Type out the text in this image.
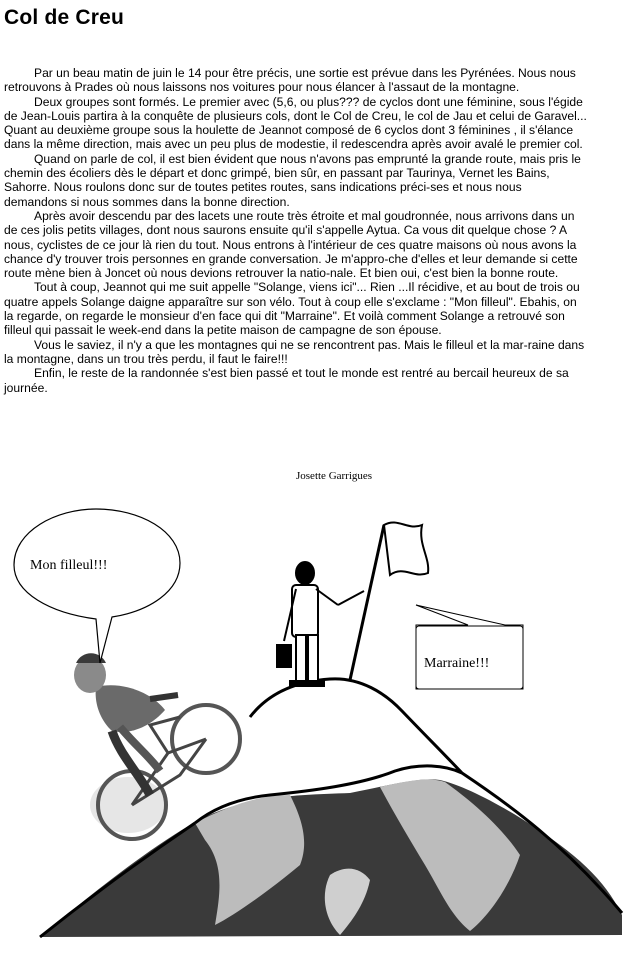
Col de Creu

Par un beau matin de juin le 14 pour être précis, une sortie est prévue dans les Pyrénées. Nous nous retrouvons à Prades où nous laissons nos voitures pour nous élancer à l'assaut de la montagne.

Deux groupes sont formés. Le premier avec (5,6, ou plus??? de cyclos dont une féminine, sous l'égide de Jean-Louis partira à la conquête de plusieurs cols, dont le Col de Creu, le col de Jau et celui de Garavel... Quant au deuxième groupe sous la houlette de Jeannot composé de 6 cyclos dont 3 féminines , il s'élance dans la même direction, mais avec un peu plus de modestie, il redescendra après avoir avalé le premier col.

Quand on parle de col, il est bien évident que nous n'avons pas emprunté la grande route, mais pris le chemin des écoliers dès le départ et donc grimpé, bien sûr, en passant par Taurinya, Vernet les Bains, Sahorre. Nous roulons donc sur de toutes petites routes, sans indications préci-ses et nous nous demandons si nous sommes dans la bonne direction.

Après avoir descendu par des lacets une route très étroite et mal goudronnée, nous arrivons dans un de ces jolis petits villages, dont nous saurons ensuite qu'il s'appelle Aytua. Ca vous dit quelque chose ? A nous, cyclistes de ce jour là rien du tout. Nous entrons à l'intérieur de ces quatre maisons où nous avons la chance d'y trouver trois personnes en grande conversation. Je m'appro-che d'elles et leur demande si cette route mène bien à Joncet où nous devions retrouver la natio-nale. Et bien oui, c'est bien la bonne route.

Tout à coup, Jeannot qui me suit appelle "Solange, viens ici"... Rien ...Il récidive, et au bout de trois ou quatre appels Solange daigne apparaître sur son vélo. Tout à coup elle s'exclame : "Mon filleul". Ebahis, on la regarde, on regarde le monsieur d'en face qui dit "Marraine". Et voilà comment Solange a retrouvé son filleul qui passait le week-end dans la petite maison de campagne de son épouse.

Vous le saviez, il n'y a que les montagnes qui ne se rencontrent pas. Mais le filleul et la mar-raine dans la montagne, dans un trou très perdu, il faut le faire!!!

Enfin, le reste de la randonnée s'est bien passé et tout le monde est rentré au bercail heureux de sa journée.

Josette Garrigues
Mon filleul!!!
Marraine!!!
